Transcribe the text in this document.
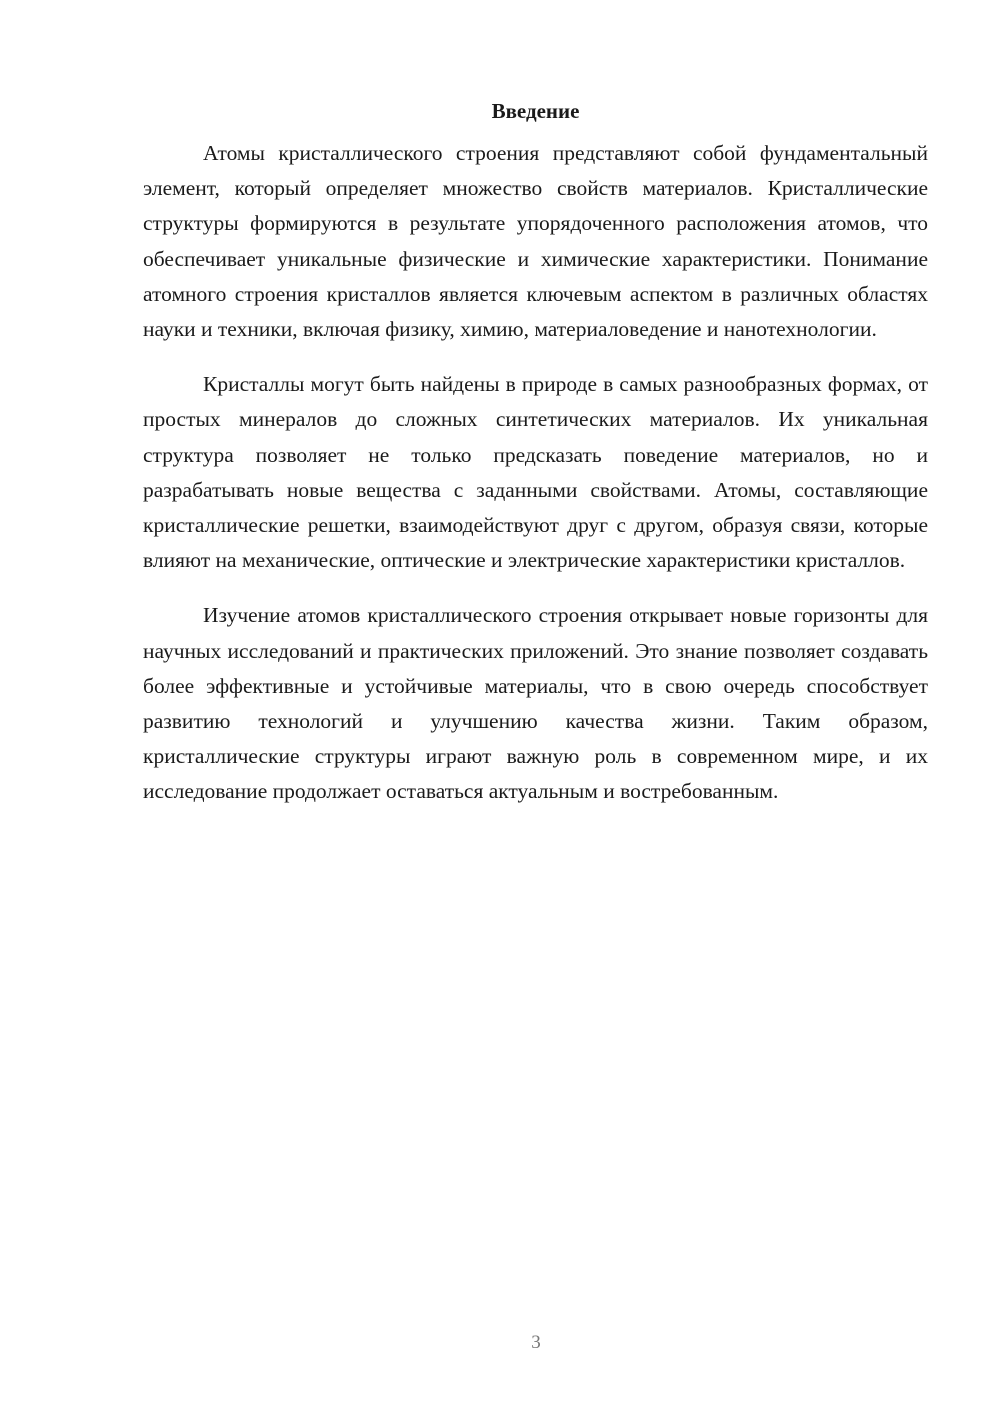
Введение

Атомы кристаллического строения представляют собой фундаментальный элемент, который определяет множество свойств материалов. Кристаллические структуры формируются в результате упорядоченного расположения атомов, что обеспечивает уникальные физические и химические характеристики. Понимание атомного строения кристаллов является ключевым аспектом в различных областях науки и техники, включая физику, химию, материаловедение и нанотехнологии.

Кристаллы могут быть найдены в природе в самых разнообразных формах, от простых минералов до сложных синтетических материалов. Их уникальная структура позволяет не только предсказать поведение материалов, но и разрабатывать новые вещества с заданными свойствами. Атомы, составляющие кристаллические решетки, взаимодействуют друг с другом, образуя связи, которые влияют на механические, оптические и электрические характеристики кристаллов.

Изучение атомов кристаллического строения открывает новые горизонты для научных исследований и практических приложений. Это знание позволяет создавать более эффективные и устойчивые материалы, что в свою очередь способствует развитию технологий и улучшению качества жизни. Таким образом, кристаллические структуры играют важную роль в современном мире, и их исследование продолжает оставаться актуальным и востребованным.

3
